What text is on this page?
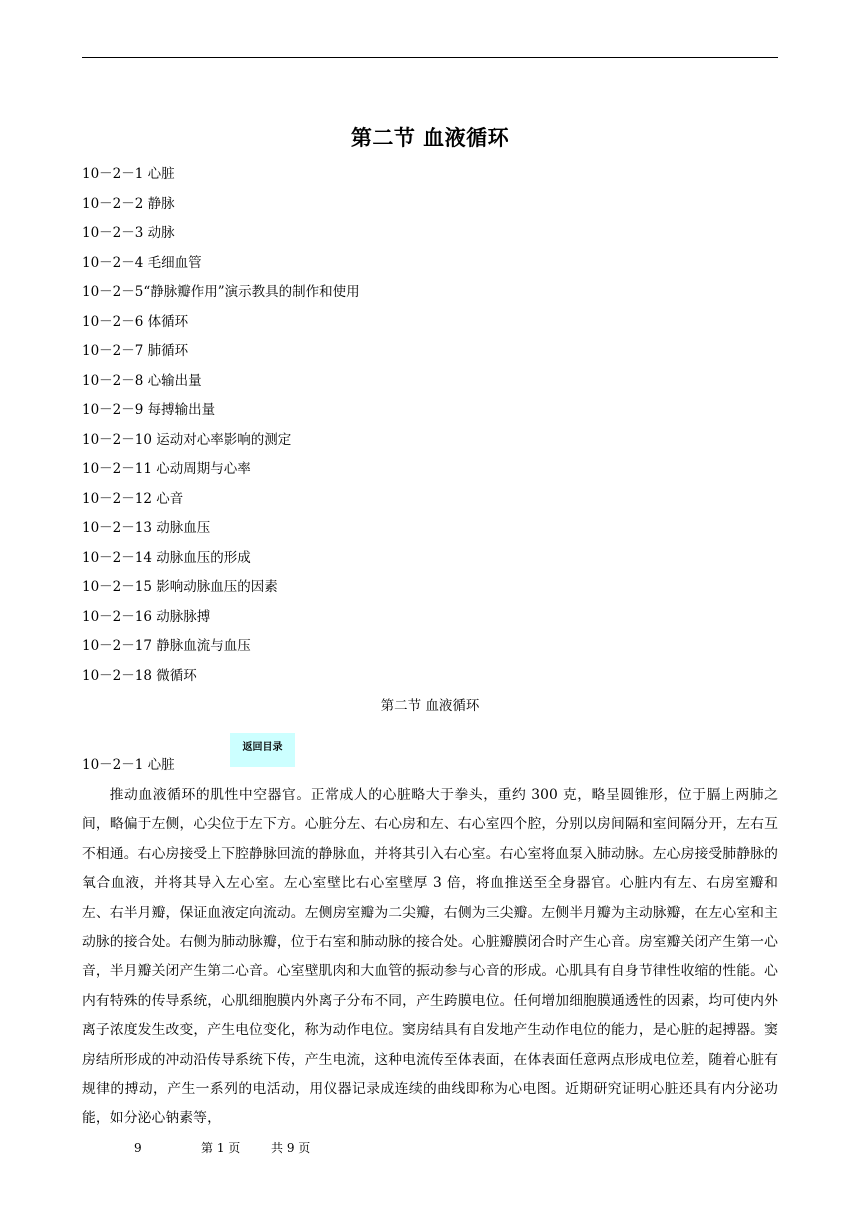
第二节 血液循环
10－2－1 心脏
10－2－2 静脉
10－2－3 动脉
10－2－4 毛细血管
10－2－5“静脉瓣作用”演示教具的制作和使用
10－2－6 体循环
10－2－7 肺循环
10－2－8 心输出量
10－2－9 每搏输出量
10－2－10 运动对心率影响的测定
10－2－11 心动周期与心率
10－2－12 心音
10－2－13 动脉血压
10－2－14 动脉血压的形成
10－2－15 影响动脉血压的因素
10－2－16 动脉脉搏
10－2－17 静脉血流与血压
10－2－18 微循环
第二节 血液循环
返回目录
10－2－1 心脏

推动血液循环的肌性中空器官。正常成人的心脏略大于拳头，重约 300 克，略呈圆锥形，位于膈上两肺之间，略偏于左侧，心尖位于左下方。心脏分左、右心房和左、右心室四个腔，分别以房间隔和室间隔分开，左右互不相通。右心房接受上下腔静脉回流的静脉血，并将其引入右心室。右心室将血泵入肺动脉。左心房接受肺静脉的氧合血液，并将其导入左心室。左心室壁比右心室壁厚 3 倍，将血推送至全身器官。心脏内有左、右房室瓣和左、右半月瓣，保证血液定向流动。左侧房室瓣为二尖瓣，右侧为三尖瓣。左侧半月瓣为主动脉瓣，在左心室和主动脉的接合处。右侧为肺动脉瓣，位于右室和肺动脉的接合处。心脏瓣膜闭合时产生心音。房室瓣关闭产生第一心音，半月瓣关闭产生第二心音。心室壁肌肉和大血管的振动参与心音的形成。心肌具有自身节律性收缩的性能。心内有特殊的传导系统，心肌细胞膜内外离子分布不同，产生跨膜电位。任何增加细胞膜通透性的因素，均可使内外离子浓度发生改变，产生电位变化，称为动作电位。窦房结具有自发地产生动作电位的能力，是心脏的起搏器。窦房结所形成的冲动沿传导系统下传，产生电流，这种电流传至体表面，在体表面任意两点形成电位差，随着心脏有规律的搏动，产生一系列的电活动，用仪器记录成连续的曲线即称为心电图。近期研究证明心脏还具有内分泌功能，如分泌心钠素等，

9	第 1 页	共 9 页
